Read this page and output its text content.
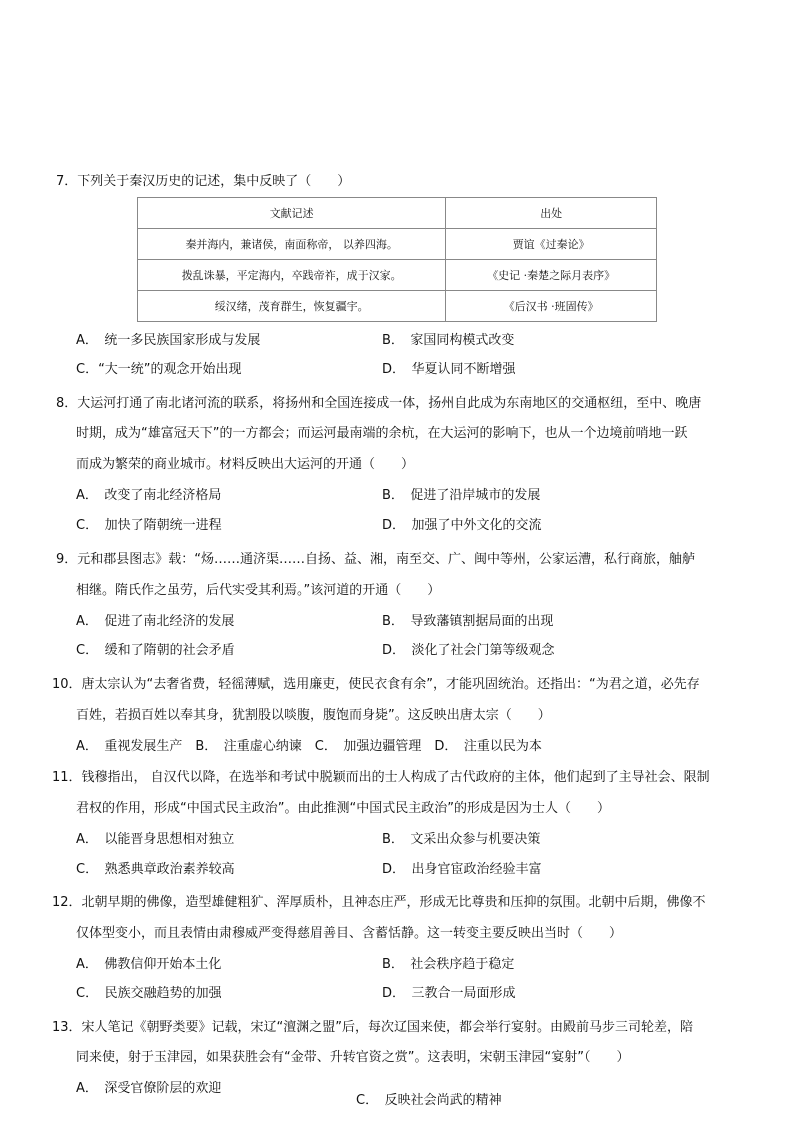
7．下列关于秦汉历史的记述，集中反映了（　　）
文献记述	出处
秦并海内，兼诸侯，南面称帝， 以养四海。	贾谊《过秦论》
拨乱诛暴，平定海内，卒践帝祚，成于汉家。	《史记 ·秦楚之际月表序》
绥汉绪，茂育群生，恢复疆宇。	《后汉书 ·班固传》
A．　统一多民族国家形成与发展	B．　家国同构模式改变
C．“大一统”的观念开始出现	D．　华夏认同不断增强
8．大运河打通了南北诸河流的联系，将扬州和全国连接成一体，扬州自此成为东南地区的交通枢纽，至中、晚唐
时期，成为“雄富冠天下”的一方都会；而运河最南端的余杭，在大运河的影响下，也从一个边境前哨地一跃
而成为繁荣的商业城市。材料反映出大运河的开通（　　）
A．　改变了南北经济格局	B．　促进了沿岸城市的发展
C．　加快了隋朝统一进程	D．　加强了中外文化的交流
9．元和郡县图志》载：“炀……通济渠……自扬、益、湘，南至交、广、闽中等州，公家运漕，私行商旅，舳舻
相继。隋氏作之虽劳，后代实受其利焉。”该河道的开通（　　）
A．　促进了南北经济的发展	B．　导致藩镇割据局面的出现
C．　缓和了隋朝的社会矛盾	D．　淡化了社会门第等级观念
10．唐太宗认为“去奢省费，轻徭薄赋，选用廉吏，使民衣食有余”，才能巩固统治。还指出：“为君之道，必先存
百姓，若损百姓以奉其身，犹割股以啖腹，腹饱而身毙”。这反映出唐太宗（　　）
A．　重视发展生产　B．　注重虚心纳谏　C．　加强边疆管理　D．　注重以民为本
11．钱穆指出， 自汉代以降，在选举和考试中脱颖而出的士人构成了古代政府的主体，他们起到了主导社会、限制
君权的作用，形成“中国式民主政治”。由此推测“中国式民主政治”的形成是因为士人（　　）
A．　以能晋身思想相对独立	B．　文采出众参与机要决策
C．　熟悉典章政治素养较高	D．　出身官宦政治经验丰富
12．北朝早期的佛像，造型雄健粗犷、浑厚质朴，且神态庄严，形成无比尊贵和压抑的氛围。北朝中后期，佛像不
仅体型变小，而且表情由肃穆威严变得慈眉善目、含蓄恬静。这一转变主要反映出当时（　　）
A．　佛教信仰开始本土化	B．　社会秩序趋于稳定
C．　民族交融趋势的加强	D．　三教合一局面形成
13．宋人笔记《朝野类要》记载，宋辽“澶渊之盟”后，每次辽国来使，都会举行宴射。由殿前马步三司轮差，陪
同来使，射于玉津园，如果获胜会有“金带、升转官资之赏”。这表明，宋朝玉津园“宴射”（　　）
A．　深受官僚阶层的欢迎
C．　反映社会尚武的精神
